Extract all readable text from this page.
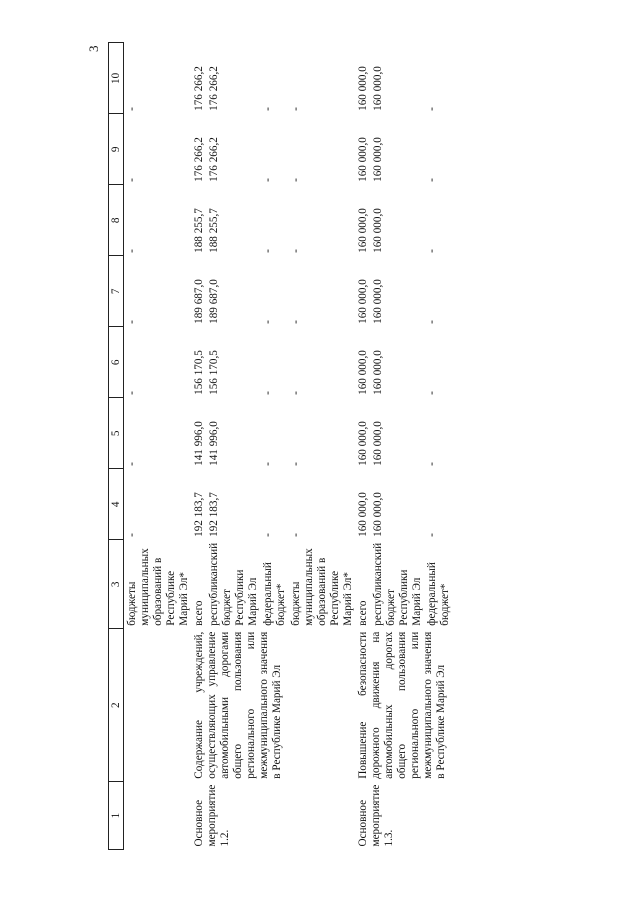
3
1	2	3	4	5	6	7	8	9	10
		бюджеты муниципальных образований в Республике Марий Эл*	-	-	-	-	-	-	-
Основное мероприятие 1.2.	Содержание учреждений, осуществляющих управление автомобильными дорогами общего пользования регионального или межмуниципального значения в Республике Марий Эл	всего	192 183,7	141 996,0	156 170,5	189 687,0	188 255,7	176 266,2	176 266,2
		республиканский бюджет Республики Марий Эл	192 183,7	141 996,0	156 170,5	189 687,0	188 255,7	176 266,2	176 266,2
		федеральный бюджет*	-	-	-	-	-	-	-
		бюджеты муниципальных образований в Республике Марий Эл*	-	-	-	-	-	-	-
Основное мероприятие 1.3.	Повышение безопасности дорожного движения на автомобильных дорогах общего пользования регионального или межмуниципального значения в Республике Марий Эл	всего	160 000,0	160 000,0	160 000,0	160 000,0	160 000,0	160 000,0	160 000,0
		республиканский бюджет Республики Марий Эл	160 000,0	160 000,0	160 000,0	160 000,0	160 000,0	160 000,0	160 000,0
		федеральный бюджет*	-	-	-	-	-	-	-
